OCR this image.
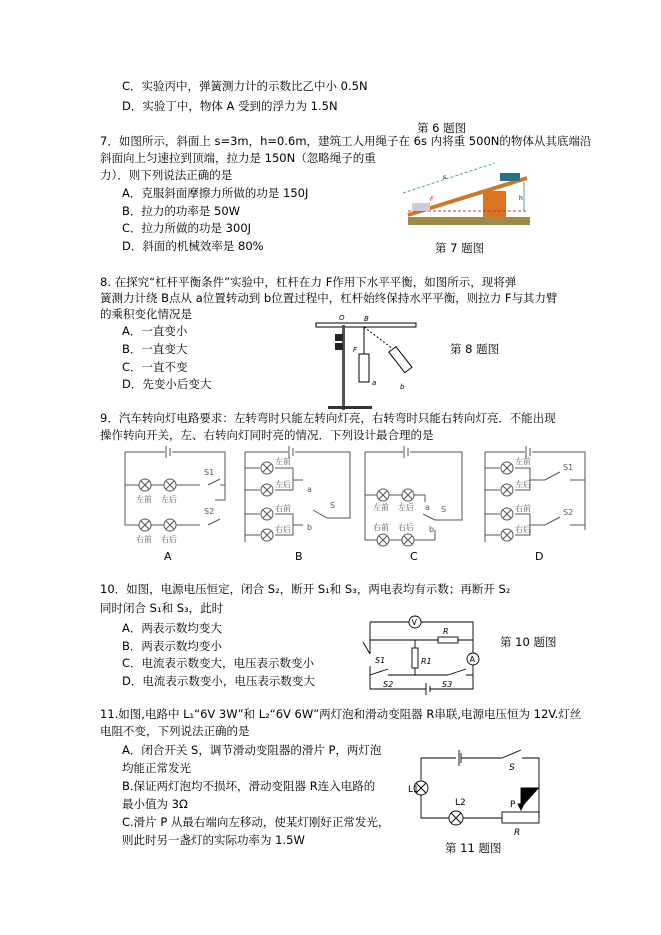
C．实验丙中，弹簧测力计的示数比乙中小 0.5N
D．实验丁中，物体 A 受到的浮力为 1.5N
第 6 题图
7．如图所示，斜面上 s=3m，h=0.6m，建筑工人用绳子在 6s 内将重 500N的物体从其底端沿
斜面向上匀速拉到顶端，拉力是 150N（忽略绳子的重
力）．则下列说法正确的是
A．克服斜面摩擦力所做的功是 150J
B．拉力的功率是 50W
C．拉力所做的功是 300J
D．斜面的机械效率是 80%
s
h
F
第 7 题图
8. 在探究“杠杆平衡条件”实验中，杠杆在力 F作用下水平平衡，如图所示，现将弹
簧测力计绕 B点从 a位置转动到 b位置过程中，杠杆始终保持水平平衡，则拉力 F与其力臂
的乘积变化情况是
A．一直变小
B．一直变大
C．一直不变
D．先变小后变大
O	B
F
a	b
第 8 题图
9．汽车转向灯电路要求：左转弯时只能左转向灯亮，右转弯时只能右转向灯亮．不能出现
操作转向开关，左、右转向灯同时亮的情况．下列设计最合理的是
左前 左后
右前 右后
S1
S2
左前
左后
右前
右后
a
b
S	左前 左后
右前 右后
a
b
S
左前
左后
右前
右后
S1
S2
A	B	C	D
10．如图，电源电压恒定，闭合 S₂，断开 S₁和 S₃，两电表均有示数；再断开 S₂
同时闭合 S₁和 S₃，此时
A．两表示数均变大
B．两表示数均变小
C．电流表示数变大，电压表示数变小
D．电流表示数变小，电压表示数变大
V
R
R1	A
S1
S2	S3
第 10 题图
11.如图,电路中 L₁“6V 3W”和 L₂“6V 6W”两灯泡和滑动变阻器 R串联,电源电压恒为 12V.灯丝
电阻不变，下列说法正确的是
A．闭合开关 S，调节滑动变阻器的滑片 P，两灯泡
均能正常发光
B.保证两灯泡均不损坏，滑动变阻器 R连入电路的
最小值为 3Ω
C.滑片 P 从最右端向左移动，使某灯刚好正常发光，
则此时另一盏灯的实际功率为 1.5W
L1
L2
S
P
R
第 11 题图
